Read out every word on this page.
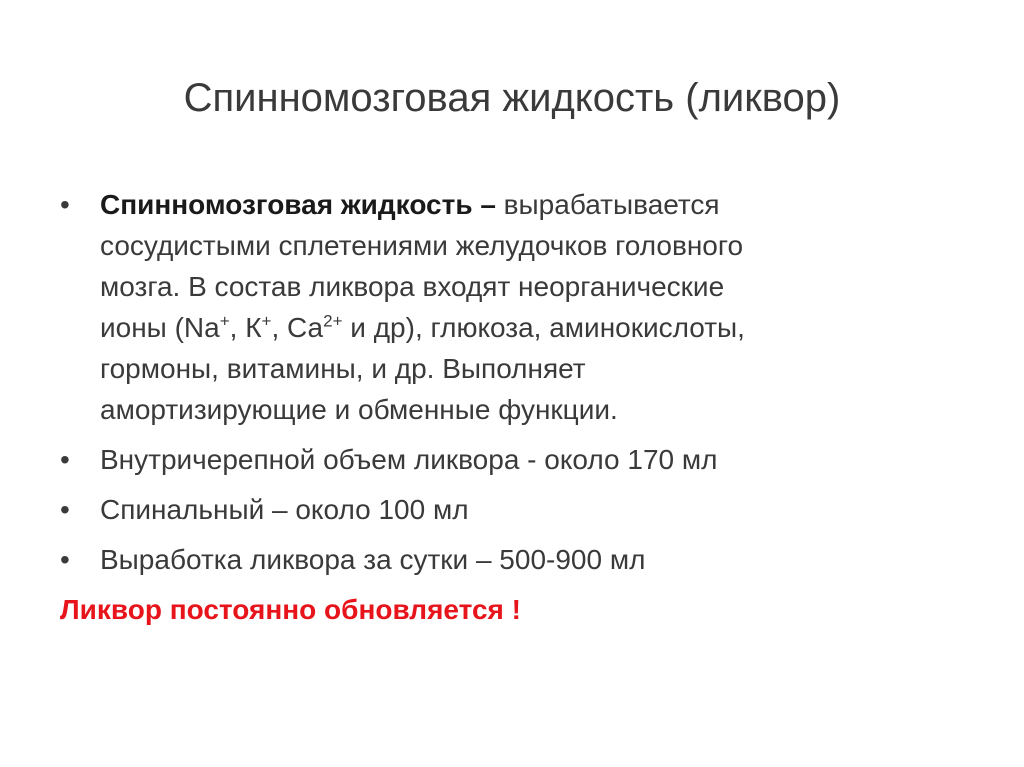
Спинномозговая жидкость (ликвор)
• Спинномозговая жидкость – вырабатывается
сосудистыми сплетениями желудочков головного
мозга. В состав ликвора входят неорганические
ионы (Na+, К+, $Са^{2+}$ и др), глюкоза, аминокислоты,
гормоны, витамины, и др. Выполняет
амортизирующие и обменные функции.
• Внутричерепной объем ликвора - около 170 мл
• Спинальный – около 100 мл
• Выработка ликвора за сутки – 500-900 мл
Ликвор постоянно обновляется !
